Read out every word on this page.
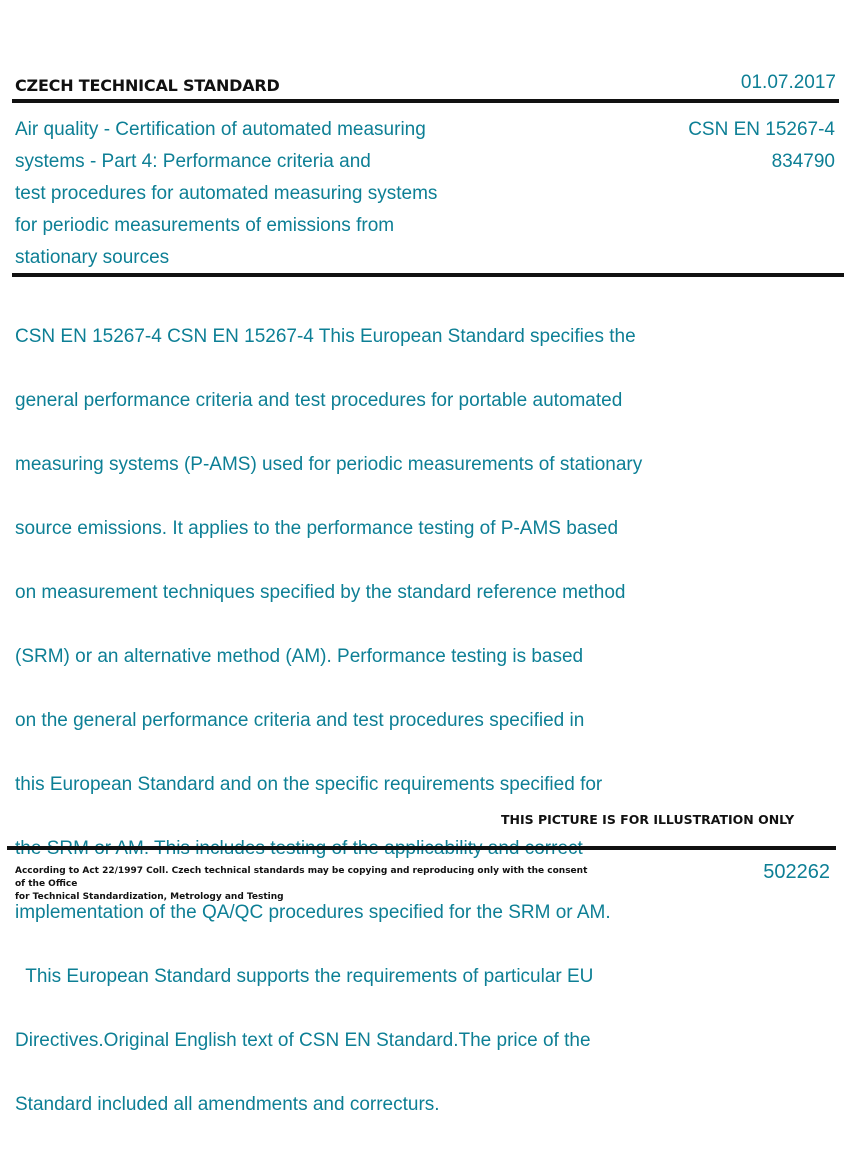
CZECH TECHNICAL STANDARD	01.07.2017
Air quality - Certification of automated measuring
systems - Part 4: Performance criteria and
test procedures for automated measuring systems
for periodic measurements of emissions from
stationary sources
CSN EN 15267-4
834790

CSN EN 15267-4 CSN EN 15267-4 This European Standard specifies the

general performance criteria and test procedures for portable automated

measuring systems (P-AMS) used for periodic measurements of stationary

source emissions. It applies to the performance testing of P-AMS based

on measurement techniques specified by the standard reference method

(SRM) or an alternative method (AM). Performance testing is based

on the general performance criteria and test procedures specified in

this European Standard and on the specific requirements specified for

implementation of the QA/QC procedures specified for the SRM or AM.

This European Standard supports the requirements of particular EU

Directives.Original English text of CSN EN Standard.The price of the

Standard included all amendments and correcturs.

THIS PICTURE IS FOR ILLUSTRATION ONLY
According to Act 22/1997 Coll. Czech technical standards may be copying and reproducing only with the consent of the Office
for Technical Standardization, Metrology and Testing
502262
